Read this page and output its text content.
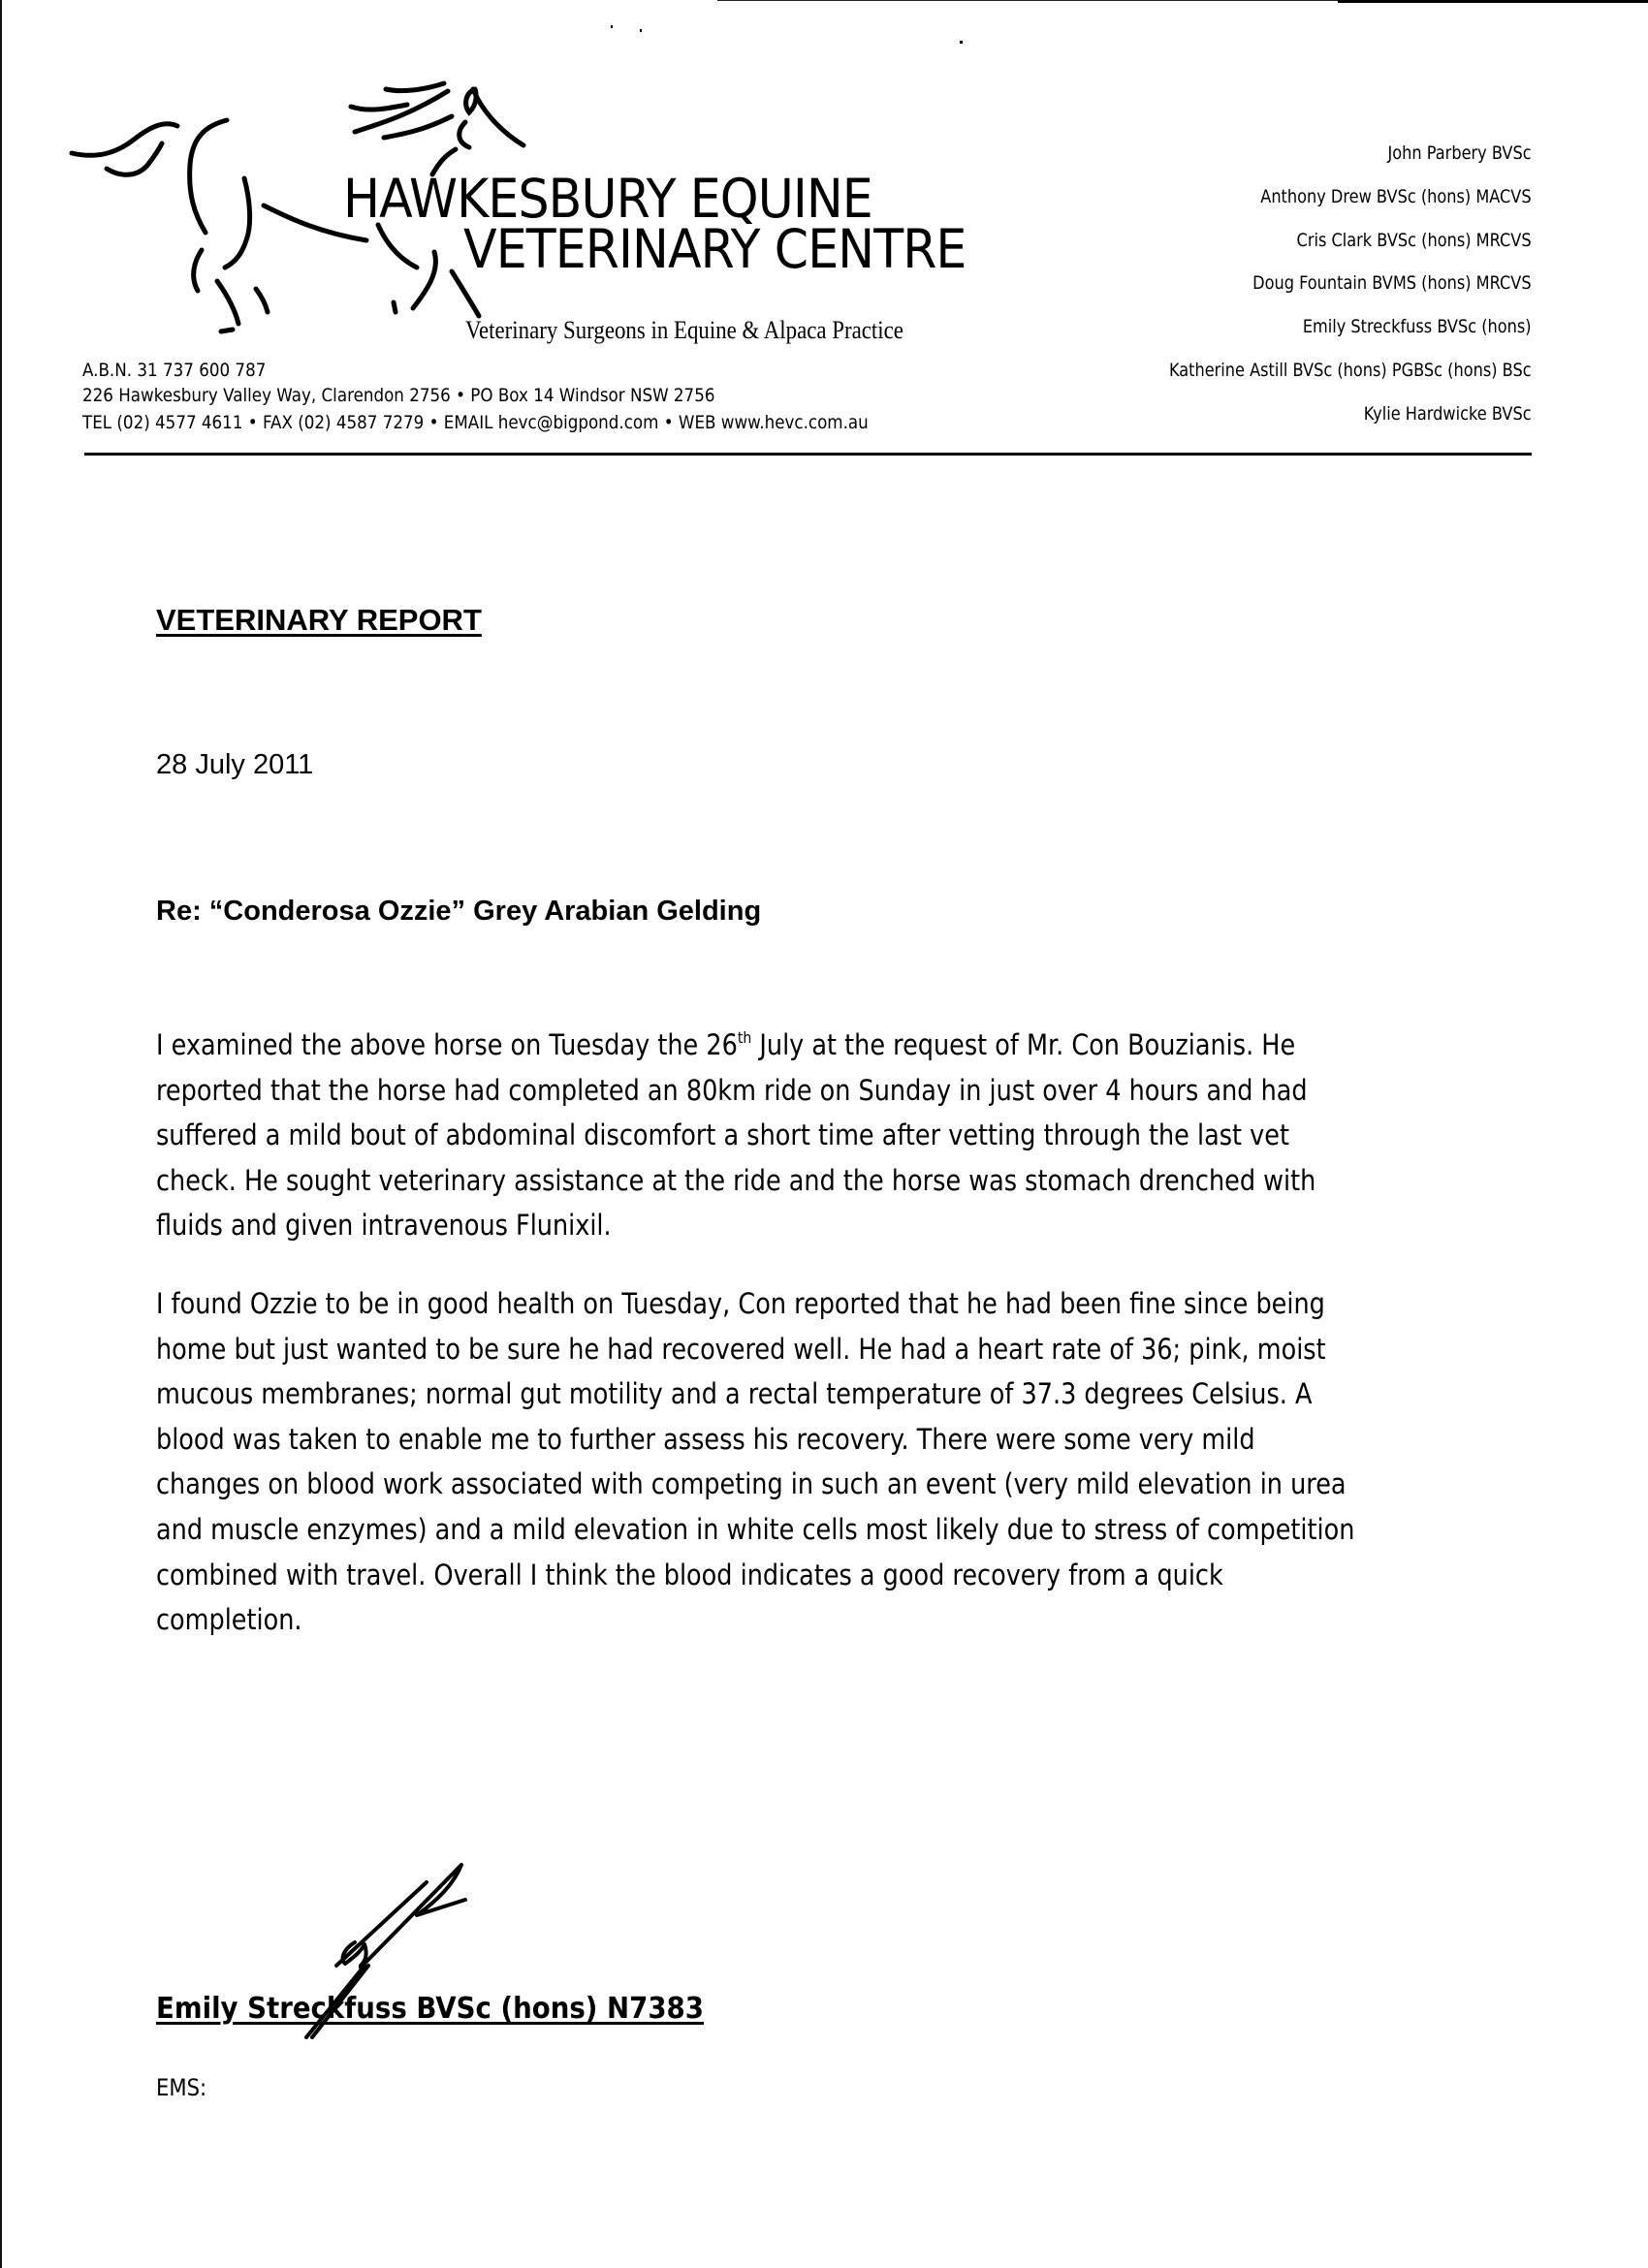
HAWKESBURY EQUINE
VETERINARY CENTRE
Veterinary Surgeons in Equine & Alpaca Practice
A.B.N. 31 737 600 787
226 Hawkesbury Valley Way, Clarendon 2756 • PO Box 14 Windsor NSW 2756
TEL (02) 4577 4611 • FAX (02) 4587 7279 • EMAIL hevc@bigpond.com • WEB www.hevc.com.au
John Parbery BVSc
Anthony Drew BVSc (hons) MACVS
Cris Clark BVSc (hons) MRCVS
Doug Fountain BVMS (hons) MRCVS
Emily Streckfuss BVSc (hons)
Katherine Astill BVSc (hons) PGBSc (hons) BSc
Kylie Hardwicke BVSc
VETERINARY REPORT
28 July 2011
Re: “Conderosa Ozzie” Grey Arabian Gelding
I examined the above horse on Tuesday the 26th July at the request of Mr. Con Bouzianis. He
reported that the horse had completed an 80km ride on Sunday in just over 4 hours and had
suffered a mild bout of abdominal discomfort a short time after vetting through the last vet
check. He sought veterinary assistance at the ride and the horse was stomach drenched with
fluids and given intravenous Flunixil.
I found Ozzie to be in good health on Tuesday, Con reported that he had been fine since being
home but just wanted to be sure he had recovered well. He had a heart rate of 36; pink, moist
mucous membranes; normal gut motility and a rectal temperature of 37.3 degrees Celsius. A
blood was taken to enable me to further assess his recovery. There were some very mild
changes on blood work associated with competing in such an event (very mild elevation in urea
and muscle enzymes) and a mild elevation in white cells most likely due to stress of competition
combined with travel. Overall I think the blood indicates a good recovery from a quick
completion.
Emily Streckfuss BVSc (hons) N7383
EMS:
